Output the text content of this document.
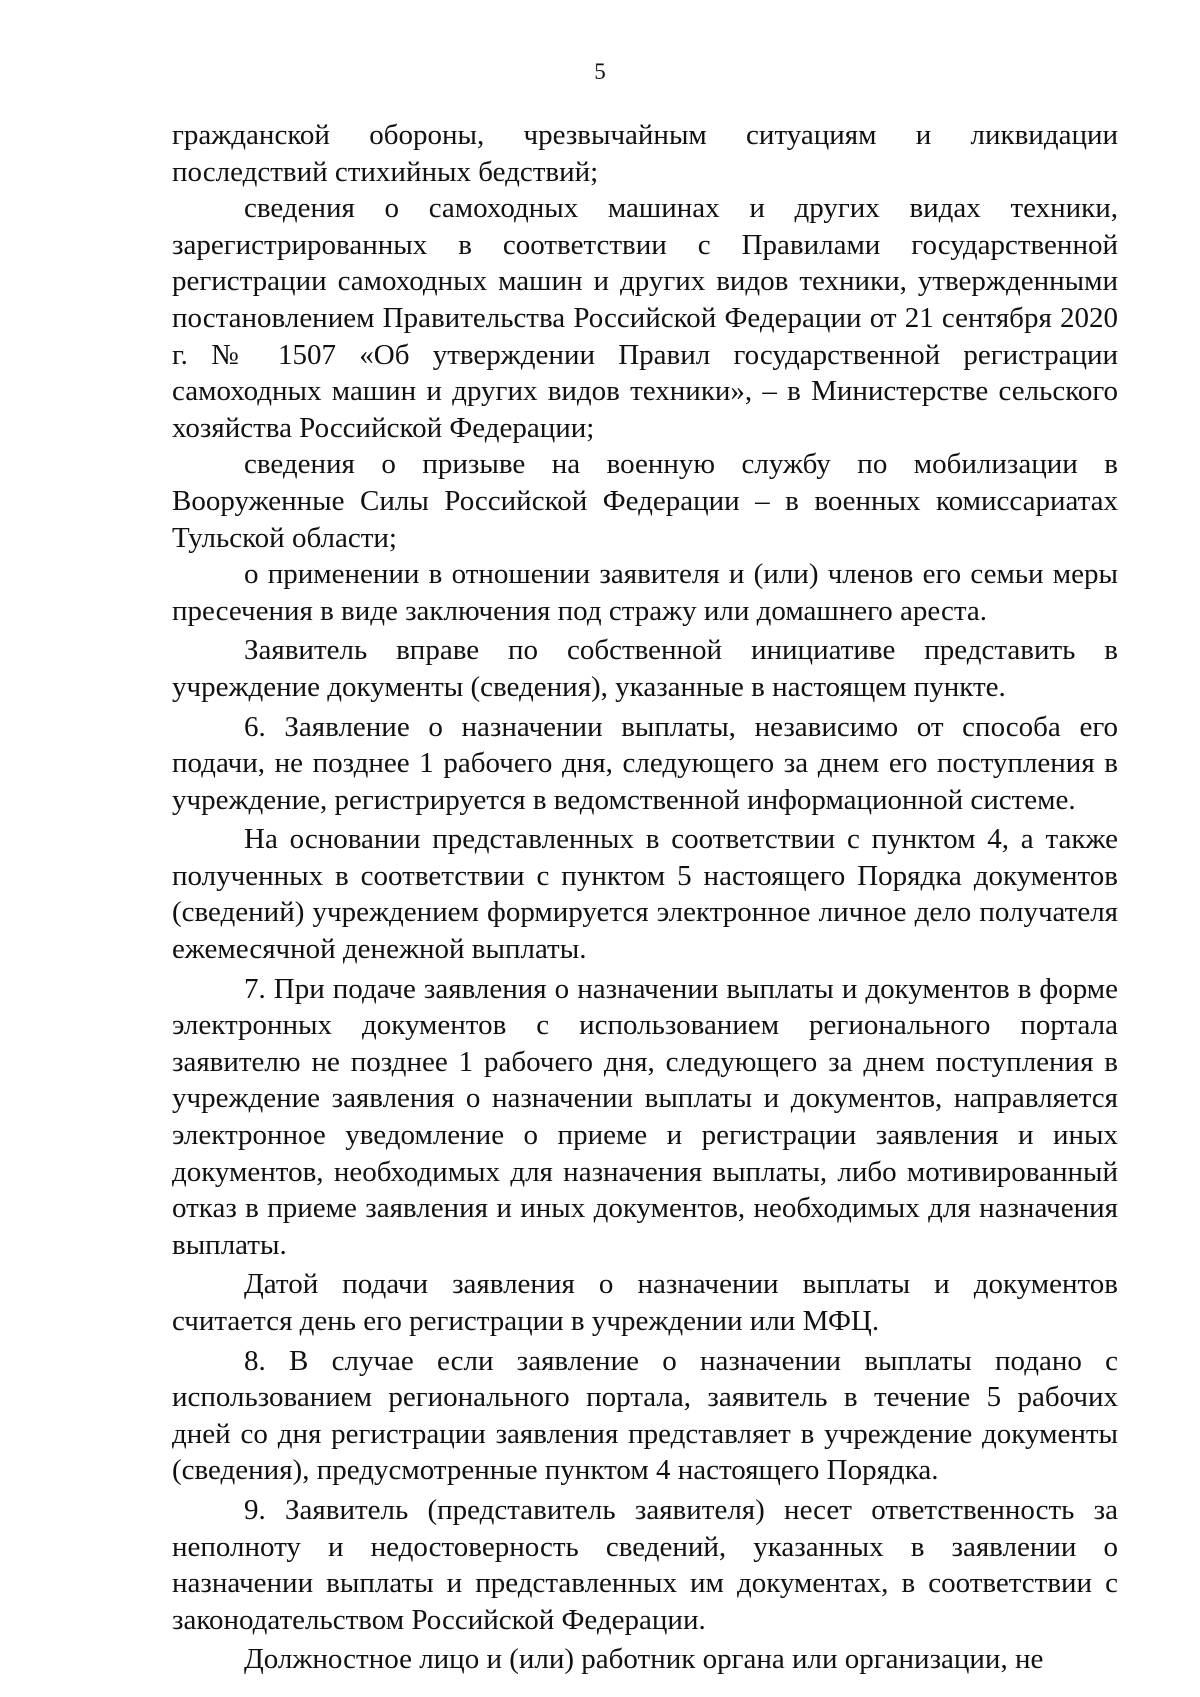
5

гражданской обороны, чрезвычайным ситуациям и ликвидации последствий стихийных бедствий;

сведения о самоходных машинах и других видах техники, зарегистрированных в соответствии с Правилами государственной регистрации самоходных машин и других видов техники, утвержденными постановлением Правительства Российской Федерации от 21 сентября 2020 г. № 1507 «Об утверждении Правил государственной регистрации самоходных машин и других видов техники», – в Министерстве сельского хозяйства Российской Федерации;

сведения о призыве на военную службу по мобилизации в Вооруженные Силы Российской Федерации – в военных комиссариатах Тульской области;

о применении в отношении заявителя и (или) членов его семьи меры пресечения в виде заключения под стражу или домашнего ареста.

Заявитель вправе по собственной инициативе представить в учреждение документы (сведения), указанные в настоящем пункте.

6. Заявление о назначении выплаты, независимо от способа его подачи, не позднее 1 рабочего дня, следующего за днем его поступления в учреждение, регистрируется в ведомственной информационной системе.

На основании представленных в соответствии с пунктом 4, а также полученных в соответствии с пунктом 5 настоящего Порядка документов (сведений) учреждением формируется электронное личное дело получателя ежемесячной денежной выплаты.

7. При подаче заявления о назначении выплаты и документов в форме электронных документов с использованием регионального портала заявителю не позднее 1 рабочего дня, следующего за днем поступления в учреждение заявления о назначении выплаты и документов, направляется электронное уведомление о приеме и регистрации заявления и иных документов, необходимых для назначения выплаты, либо мотивированный отказ в приеме заявления и иных документов, необходимых для назначения выплаты.

Датой подачи заявления о назначении выплаты и документов считается день его регистрации в учреждении или МФЦ.

8. В случае если заявление о назначении выплаты подано с использованием регионального портала, заявитель в течение 5 рабочих дней со дня регистрации заявления представляет в учреждение документы (сведения), предусмотренные пунктом 4 настоящего Порядка.

9. Заявитель (представитель заявителя) несет ответственность за неполноту и недостоверность сведений, указанных в заявлении о назначении выплаты и представленных им документах, в соответствии с законодательством Российской Федерации.

Должностное лицо и (или) работник органа или организации, не
